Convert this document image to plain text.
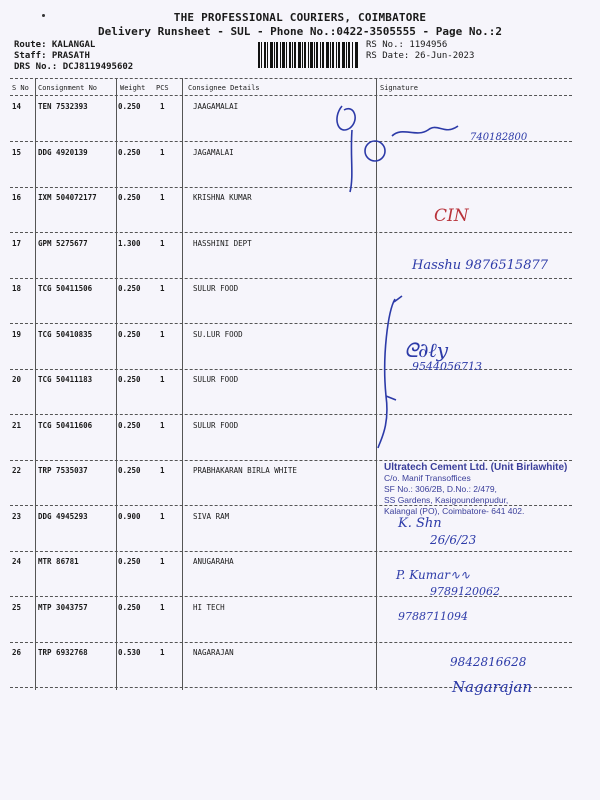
THE PROFESSIONAL COURIERS, COIMBATORE
Delivery Runsheet - SUL - Phone No.:0422-3505555 - Page No.:2
Route: KALANGAL
Staff: PRASATH
DRS No.: DCJ8119495602
RS No.: 1194956
RS Date: 26-Jun-2023
S No Consignment No	Weight PCS	Consignee Details	Signature
14 TEN 7532393	0.250	1	JAAGAMALAI
15 DDG 4920139	0.250	1	JAGAMALAI
16 IXM 504072177	0.250	1	KRISHNA KUMAR
17 GPM 5275677	1.300	1	HASSHINI DEPT
18 TCG 50411506	0.250	1	SULUR FOOD
19 TCG 50410835	0.250	1	SU.LUR FOOD
20 TCG 50411183	0.250	1	SULUR FOOD
21 TCG 50411606	0.250	1	SULUR FOOD
22 TRP 7535037	0.250	1	PRABHAKARAN BIRLA WHITE
23 DDG 4945293	0.900	1	SIVA RAM
24 MTR 86781	0.250	1	ANUGARAHA
25 MTP 3043757	0.250	1	HI TECH
26 TRP 6932768	0.530	1	NAGARAJAN
740182800
CIN
Hasshu 9876515877
ᘓ∂ℓy
9544056713
K. Shn
26/6/23
P. Kumar∿∿
9789120062
9788711094
9842816628
Nagarajan
Ultratech Cement Ltd. (Unit Birlawhite)
C/o. Manif Transoffices
SF No.: 306/2B, D.No.: 2/479,
SS Gardens, Kasigoundenpudur,
Kalangal (PO), Coimbatore- 641 402.
